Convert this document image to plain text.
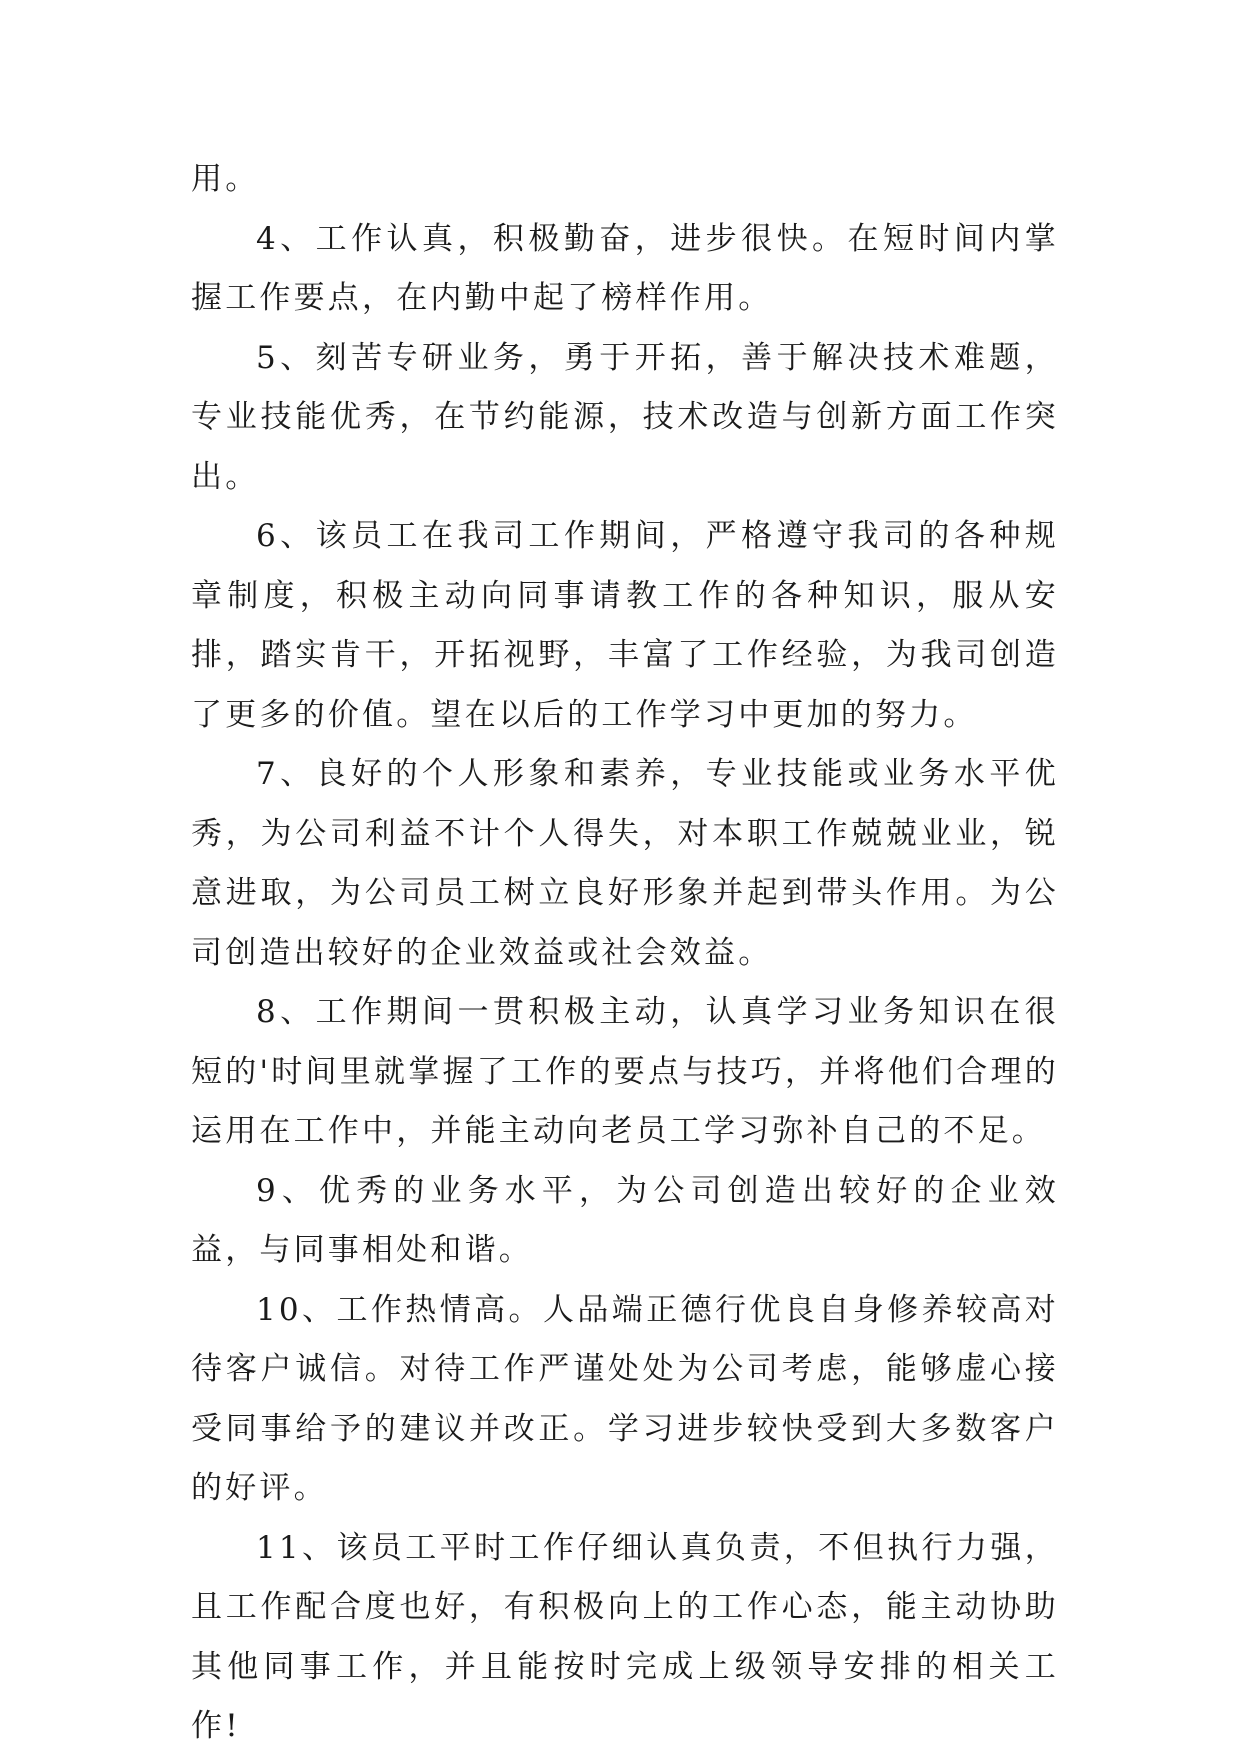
用。

4、工作认真，积极勤奋，进步很快。在短时间内掌握工作要点，在内勤中起了榜样作用。

5、刻苦专研业务，勇于开拓，善于解决技术难题，专业技能优秀，在节约能源，技术改造与创新方面工作突出。

6、该员工在我司工作期间，严格遵守我司的各种规章制度，积极主动向同事请教工作的各种知识，服从安排，踏实肯干，开拓视野，丰富了工作经验，为我司创造了更多的价值。望在以后的工作学习中更加的努力。

7、良好的个人形象和素养，专业技能或业务水平优秀，为公司利益不计个人得失，对本职工作兢兢业业，锐意进取，为公司员工树立良好形象并起到带头作用。为公司创造出较好的企业效益或社会效益。

8、工作期间一贯积极主动，认真学习业务知识在很短的'时间里就掌握了工作的要点与技巧，并将他们合理的运用在工作中，并能主动向老员工学习弥补自己的不足。

9、优秀的业务水平，为公司创造出较好的企业效益，与同事相处和谐。

10、工作热情高。人品端正德行优良自身修养较高对待客户诚信。对待工作严谨处处为公司考虑，能够虚心接受同事给予的建议并改正。学习进步较快受到大多数客户的好评。

11、该员工平时工作仔细认真负责，不但执行力强，且工作配合度也好，有积极向上的工作心态，能主动协助其他同事工作，并且能按时完成上级领导安排的相关工作!
